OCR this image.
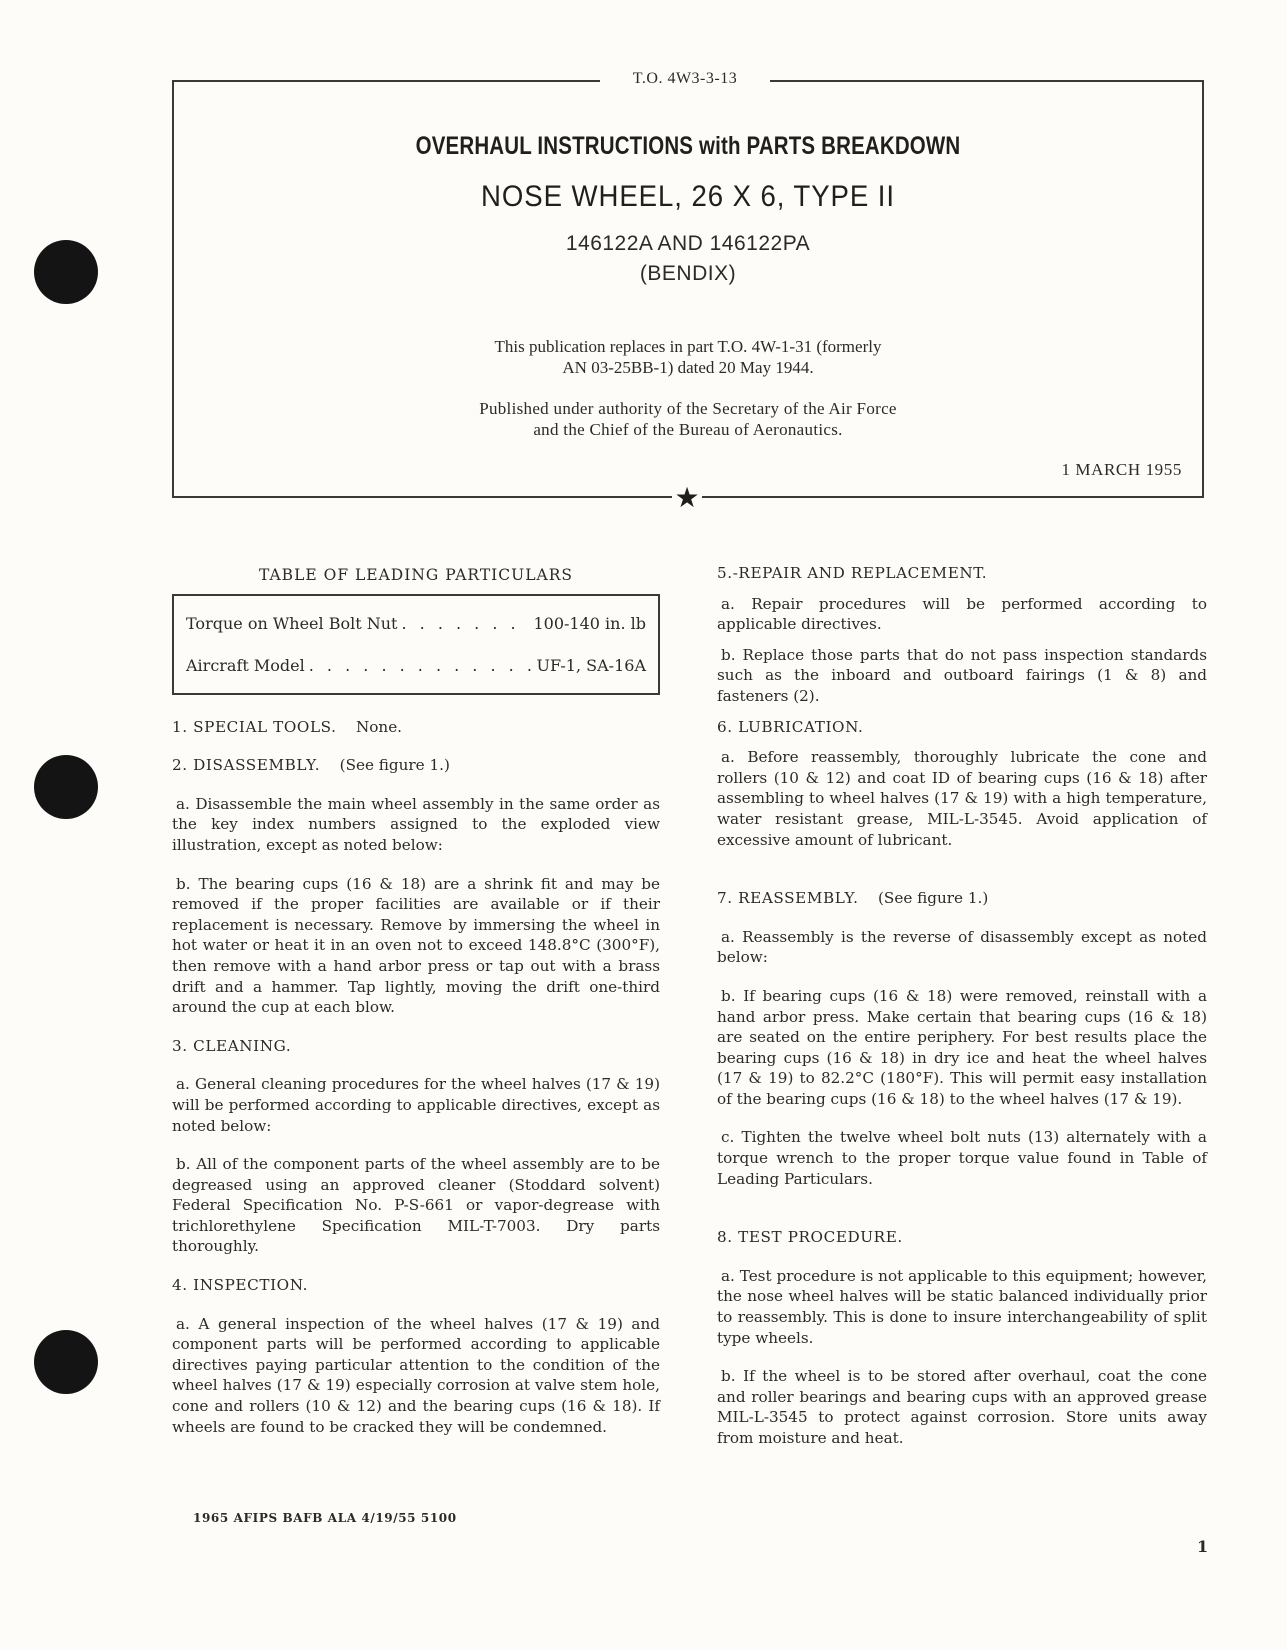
T.O. 4W3-3-13
OVERHAUL INSTRUCTIONS with PARTS BREAKDOWN
NOSE WHEEL, 26 X 6, TYPE II
146122A AND 146122PA
(BENDIX)
This publication replaces in part T.O. 4W-1-31 (formerly
AN 03-25BB-1) dated 20 May 1944.
Published under authority of the Secretary of the Air Force
and the Chief of the Bureau of Aeronautics.
1 MARCH 1955
★
TABLE OF LEADING PARTICULARS
Torque on Wheel Bolt Nut . . . . . . . 100-140 in. lb
Aircraft Model . . . . . . . . . . . . . UF-1, SA-16A
1. SPECIAL TOOLS. None.
2. DISASSEMBLY. (See figure 1.)
a. Disassemble the main wheel assembly in the same order as the key index numbers assigned to the exploded view illustration, except as noted below:
b. The bearing cups (16 & 18) are a shrink fit and may be removed if the proper facilities are available or if their replacement is necessary. Remove by immersing the wheel in hot water or heat it in an oven not to exceed 148.8°C (300°F), then remove with a hand arbor press or tap out with a brass drift and a hammer. Tap lightly, moving the drift one-third around the cup at each blow.
3. CLEANING.
a. General cleaning procedures for the wheel halves (17 & 19) will be performed according to applicable directives, except as noted below:
b. All of the component parts of the wheel assembly are to be degreased using an approved cleaner (Stoddard solvent) Federal Specification No. P-S-661 or vapor-degrease with trichlorethylene Specification MIL-T-7003. Dry parts thoroughly.
4. INSPECTION.
a. A general inspection of the wheel halves (17 & 19) and component parts will be performed according to applicable directives paying particular attention to the condition of the wheel halves (17 & 19) especially corrosion at valve stem hole, cone and rollers (10 & 12) and the bearing cups (16 & 18). If wheels are found to be cracked they will be condemned.
5.-REPAIR AND REPLACEMENT.
a. Repair procedures will be performed according to applicable directives.
b. Replace those parts that do not pass inspection standards such as the inboard and outboard fairings (1 & 8) and fasteners (2).
6. LUBRICATION.
a. Before reassembly, thoroughly lubricate the cone and rollers (10 & 12) and coat ID of bearing cups (16 & 18) after assembling to wheel halves (17 & 19) with a high temperature, water resistant grease, MIL-L-3545. Avoid application of excessive amount of lubricant.
7. REASSEMBLY. (See figure 1.)
a. Reassembly is the reverse of disassembly except as noted below:
b. If bearing cups (16 & 18) were removed, reinstall with a hand arbor press. Make certain that bearing cups (16 & 18) are seated on the entire periphery. For best results place the bearing cups (16 & 18) in dry ice and heat the wheel halves (17 & 19) to 82.2°C (180°F). This will permit easy installation of the bearing cups (16 & 18) to the wheel halves (17 & 19).
c. Tighten the twelve wheel bolt nuts (13) alternately with a torque wrench to the proper torque value found in Table of Leading Particulars.
8. TEST PROCEDURE.
a. Test procedure is not applicable to this equipment; however, the nose wheel halves will be static balanced individually prior to reassembly. This is done to insure interchangeability of split type wheels.
b. If the wheel is to be stored after overhaul, coat the cone and roller bearings and bearing cups with an approved grease MIL-L-3545 to protect against corrosion. Store units away from moisture and heat.
1965 AFIPS BAFB ALA 4/19/55 5100
1
